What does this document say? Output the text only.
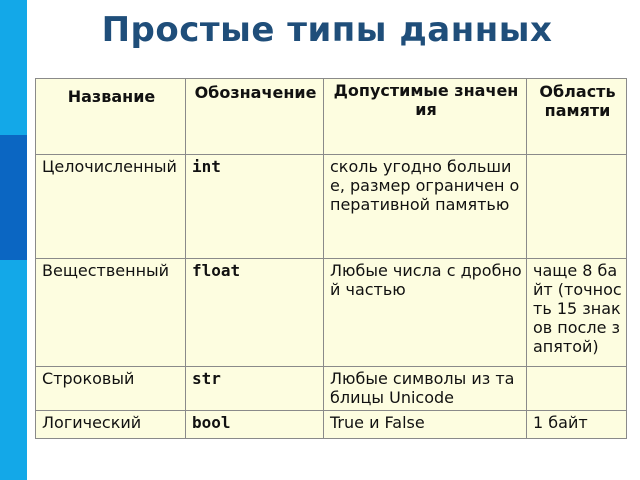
Простые типы данных
Название	Обозначение	Допустимые значения	Область памяти
Целочисленный	int	сколь угодно большие, размер ограничен оперативной памятью	
Вещественный	float	Любые числа с дробной частью	чаще 8 байт (точность 15 знаков после запятой)
Строковый	str	Любые символы из таблицы Unicode	
Логический	bool	True и False	1 байт
